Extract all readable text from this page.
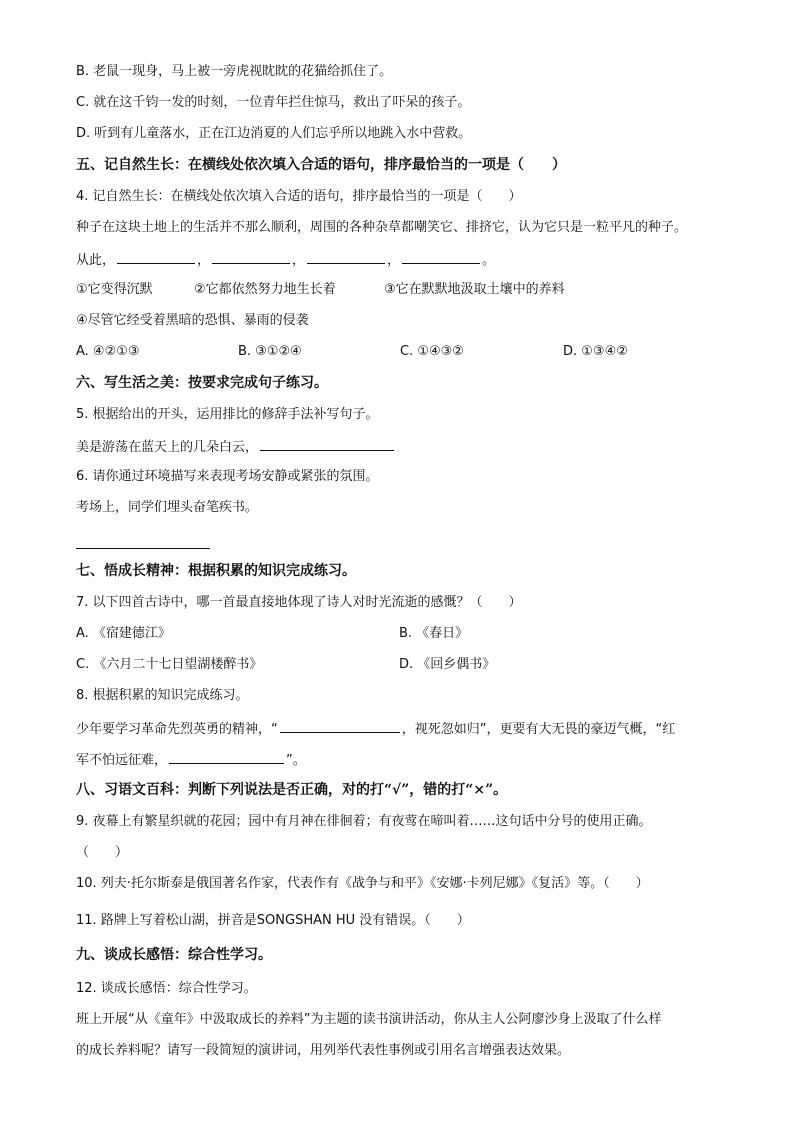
B. 老鼠一现身，马上被一旁虎视眈眈的花猫给抓住了。
C. 就在这千钧一发的时刻，一位青年拦住惊马，救出了吓呆的孩子。
D. 听到有儿童落水，正在江边消夏的人们忘乎所以地跳入水中营救。
五、记自然生长：在横线处依次填入合适的语句，排序最恰当的一项是（　　）
4. 记自然生长：在横线处依次填入合适的语句，排序最恰当的一项是（　　）
种子在这块土地上的生活并不那么顺利，周围的各种杂草都嘲笑它、排挤它，认为它只是一粒平凡的种子。
从此，	，	，	，	。
①它变得沉默	②它都依然努力地生长着	③它在默默地汲取土壤中的养料
④尽管它经受着黑暗的恐惧、暴雨的侵袭
A. ④②①③	B. ③①②④	C. ①④③②	D. ①③④②
六、写生活之美：按要求完成句子练习。
5. 根据给出的开头，运用排比的修辞手法补写句子。
美是游荡在蓝天上的几朵白云，
6. 请你通过环境描写来表现考场安静或紧张的氛围。
考场上，同学们埋头奋笔疾书。
七、悟成长精神：根据积累的知识完成练习。
7. 以下四首古诗中，哪一首最直接地体现了诗人对时光流逝的感慨？（　　）
A. 《宿建德江》	B. 《春日》
C. 《六月二十七日望湖楼醉书》	D. 《回乡偶书》
8. 根据积累的知识完成练习。
少年要学习革命先烈英勇的精神，“	，视死忽如归”，更要有大无畏的豪迈气概，“红
军不怕远征难，	”。
八、习语文百科：判断下列说法是否正确，对的打“√”，错的打“×”。
9. 夜幕上有繁星织就的花园；园中有月神在徘徊着；有夜莺在啼叫着……这句话中分号的使用正确。
（　　）
10. 列夫·托尔斯泰是俄国著名作家，代表作有《战争与和平》《安娜·卡列尼娜》《复活》等。（　　）
11. 路牌上写着松山湖，拼音是SONGSHAN HU 没有错误。（　　）
九、谈成长感悟：综合性学习。
12. 谈成长感悟：综合性学习。
班上开展“从《童年》中汲取成长的养料”为主题的读书演讲活动，你从主人公阿廖沙身上汲取了什么样
的成长养料呢？请写一段简短的演讲词，用列举代表性事例或引用名言增强表达效果。
